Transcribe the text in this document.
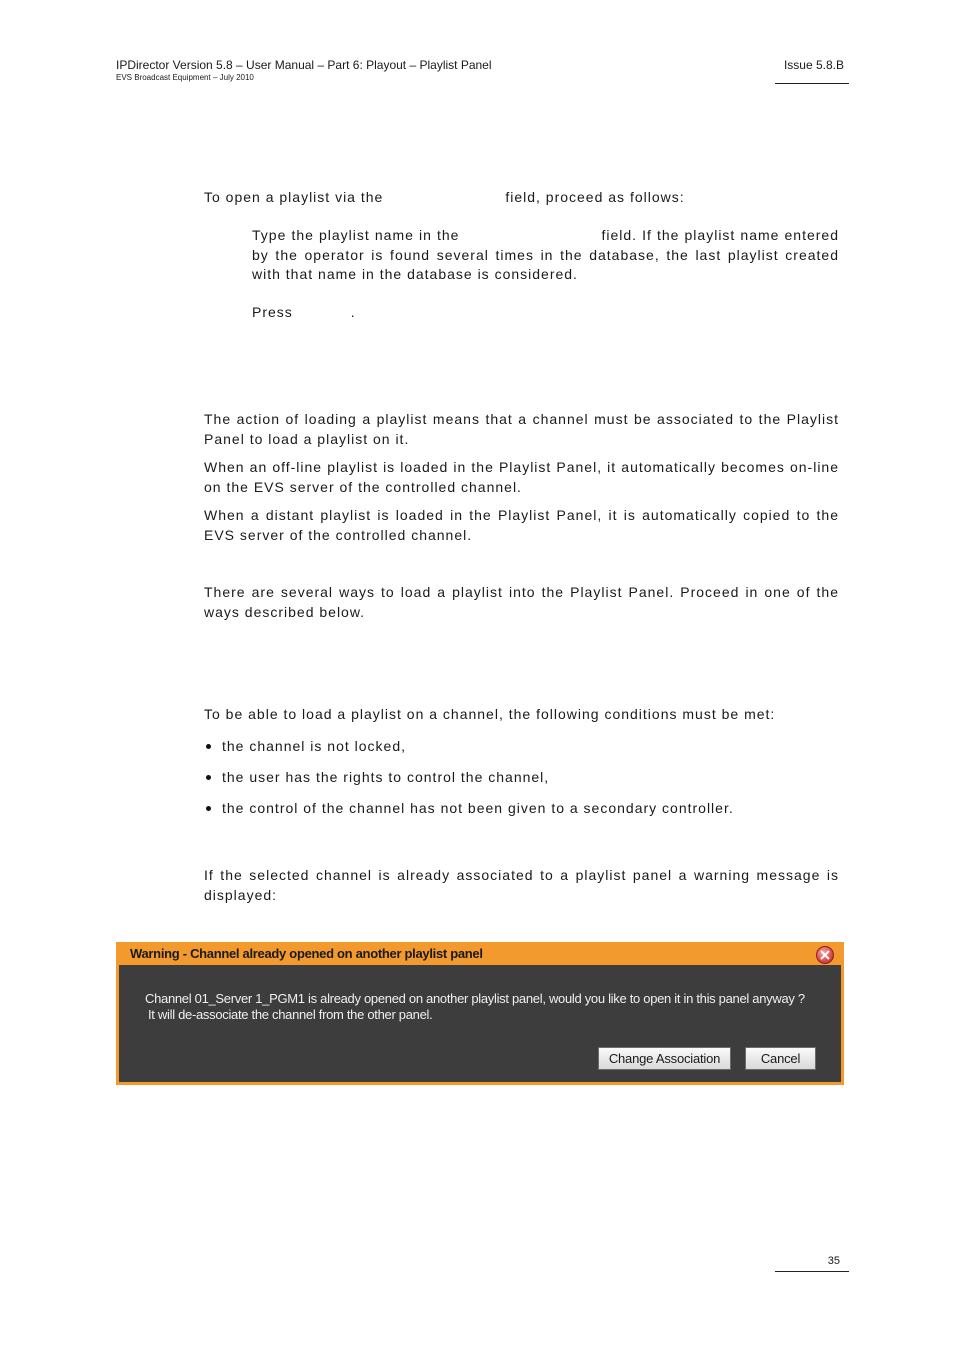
IPDirector Version 5.8 – User Manual – Part 6: Playout – Playlist Panel
EVS Broadcast Equipment – July 2010
Issue 5.8.B
To open a playlist via the	field, proceed as follows:
Type the playlist name in the	field. If the playlist name entered by the operator is found several times in the database, the last playlist created with that name in the database is considered.
Press	.
The action of loading a playlist means that a channel must be associated to the Playlist Panel to load a playlist on it.
When an off-line playlist is loaded in the Playlist Panel, it automatically becomes on-line on the EVS server of the controlled channel.
When a distant playlist is loaded in the Playlist Panel, it is automatically copied to the EVS server of the controlled channel.
There are several ways to load a playlist into the Playlist Panel. Proceed in one of the ways described below.
To be able to load a playlist on a channel, the following conditions must be met:
the channel is not locked,
the user has the rights to control the channel,
the control of the channel has not been given to a secondary controller.
If the selected channel is already associated to a playlist panel a warning message is displayed:
Warning - Channel already opened on another playlist panel
Channel 01_Server 1_PGM1 is already opened on another playlist panel, would you like to open it in this panel anyway ?
It will de-associate the channel from the other panel.
Change Association	Cancel
35
